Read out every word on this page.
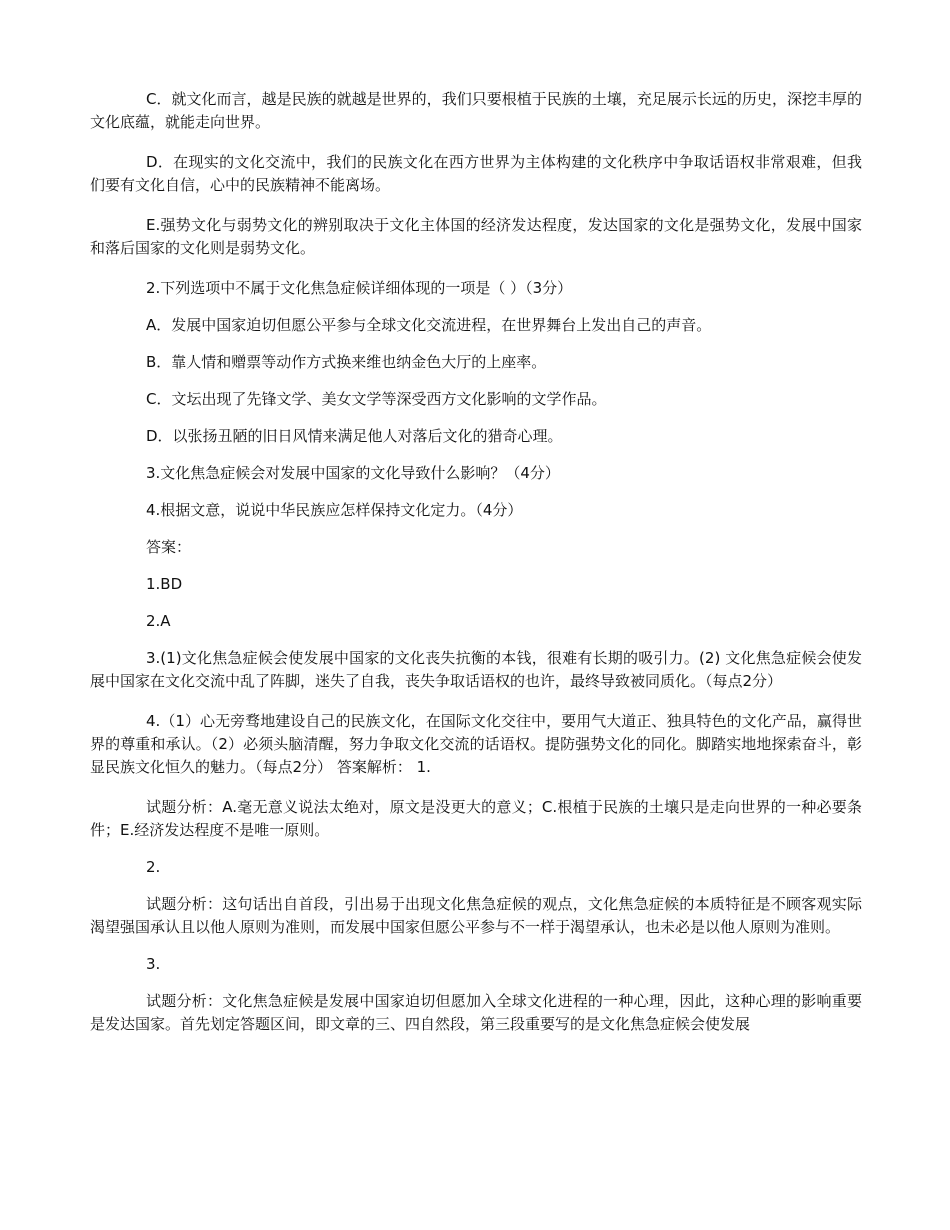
C．就文化而言，越是民族的就越是世界的，我们只要根植于民族的土壤，充足展示长远的历史，深挖丰厚的文化底蕴，就能走向世界。

D．在现实的文化交流中，我们的民族文化在西方世界为主体构建的文化秩序中争取话语权非常艰难，但我们要有文化自信，心中的民族精神不能离场。

E.强势文化与弱势文化的辨别取决于文化主体国的经济发达程度，发达国家的文化是强势文化，发展中国家和落后国家的文化则是弱势文化。

2.下列选项中不属于文化焦急症候详细体现的一项是（ ）（3分）

A．发展中国家迫切但愿公平参与全球文化交流进程，在世界舞台上发出自己的声音。

B．靠人情和赠票等动作方式换来维也纳金色大厅的上座率。

C．文坛出现了先锋文学、美女文学等深受西方文化影响的文学作品。

D．以张扬丑陋的旧日风情来满足他人对落后文化的猎奇心理。

3.文化焦急症候会对发展中国家的文化导致什么影响？（4分）

4.根据文意，说说中华民族应怎样保持文化定力。（4分）

答案：

1.BD

2.A

3.(1)文化焦急症候会使发展中国家的文化丧失抗衡的本钱，很难有长期的吸引力。(2) 文化焦急症候会使发展中国家在文化交流中乱了阵脚，迷失了自我，丧失争取话语权的也许，最终导致被同质化。（每点2分）

4.（1）心无旁骛地建设自己的民族文化，在国际文化交往中，要用气大道正、独具特色的文化产品，赢得世界的尊重和承认。（2）必须头脑清醒，努力争取文化交流的话语权。提防强势文化的同化。脚踏实地地探索奋斗，彰显民族文化恒久的魅力。（每点2分） 答案解析： 1.

试题分析：A.毫无意义说法太绝对，原文是没更大的意义；C.根植于民族的土壤只是走向世界的一种必要条件；E.经济发达程度不是唯一原则。

2.

试题分析：这句话出自首段，引出易于出现文化焦急症候的观点，文化焦急症候的本质特征是不顾客观实际渴望强国承认且以他人原则为准则，而发展中国家但愿公平参与不一样于渴望承认，也未必是以他人原则为准则。

3.

试题分析：文化焦急症候是发展中国家迫切但愿加入全球文化进程的一种心理，因此，这种心理的影响重要是发达国家。首先划定答题区间，即文章的三、四自然段，第三段重要写的是文化焦急症候会使发展
